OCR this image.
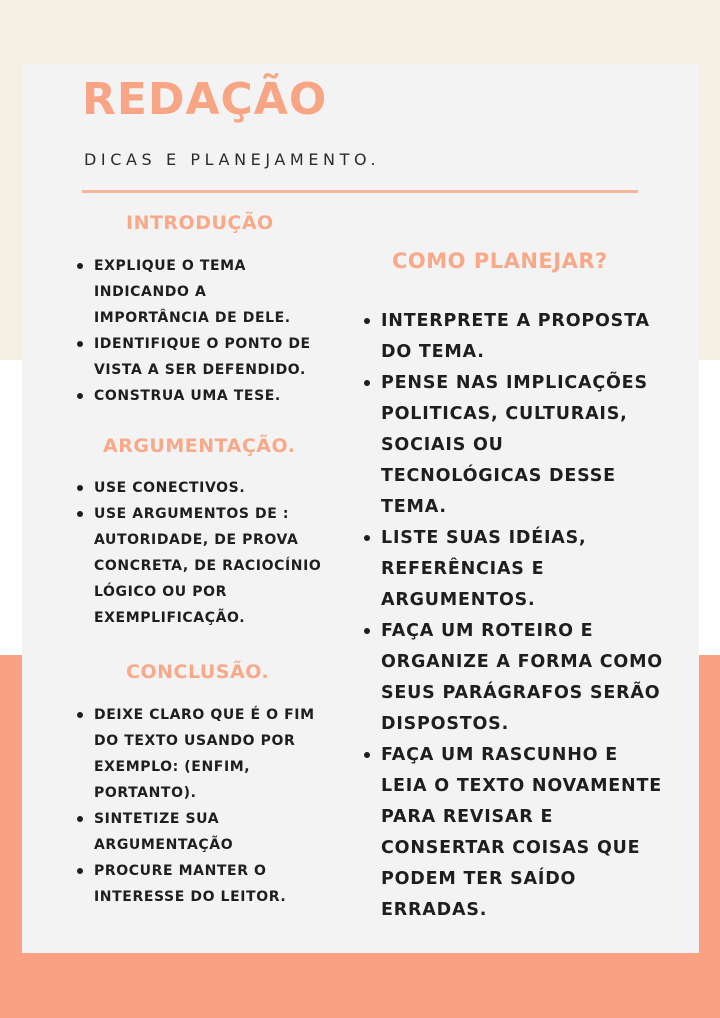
REDAÇÃO
DICAS E PLANEJAMENTO.
INTRODUÇÃO
EXPLIQUE O TEMA INDICANDO A IMPORTÂNCIA DE DELE.
IDENTIFIQUE O PONTO DE VISTA A SER DEFENDIDO.
CONSTRUA UMA TESE.
ARGUMENTAÇÃO.
USE CONECTIVOS.
USE ARGUMENTOS DE : AUTORIDADE, DE PROVA CONCRETA, DE RACIOCÍNIO LÓGICO OU POR EXEMPLIFICAÇÃO.
CONCLUSÃO.
DEIXE CLARO QUE É O FIM DO TEXTO USANDO POR EXEMPLO: (ENFIM, PORTANTO).
SINTETIZE SUA ARGUMENTAÇÃO
PROCURE MANTER O INTERESSE DO LEITOR.
COMO PLANEJAR?
INTERPRETE A PROPOSTA DO TEMA.
PENSE NAS IMPLICAÇÕES POLITICAS, CULTURAIS, SOCIAIS OU TECNOLÓGICAS DESSE TEMA.
LISTE SUAS IDÉIAS, REFERÊNCIAS E ARGUMENTOS.
FAÇA UM ROTEIRO E ORGANIZE A FORMA COMO SEUS PARÁGRAFOS SERÃO DISPOSTOS.
FAÇA UM RASCUNHO E LEIA O TEXTO NOVAMENTE PARA REVISAR E CONSERTAR COISAS QUE PODEM TER SAÍDO ERRADAS.
